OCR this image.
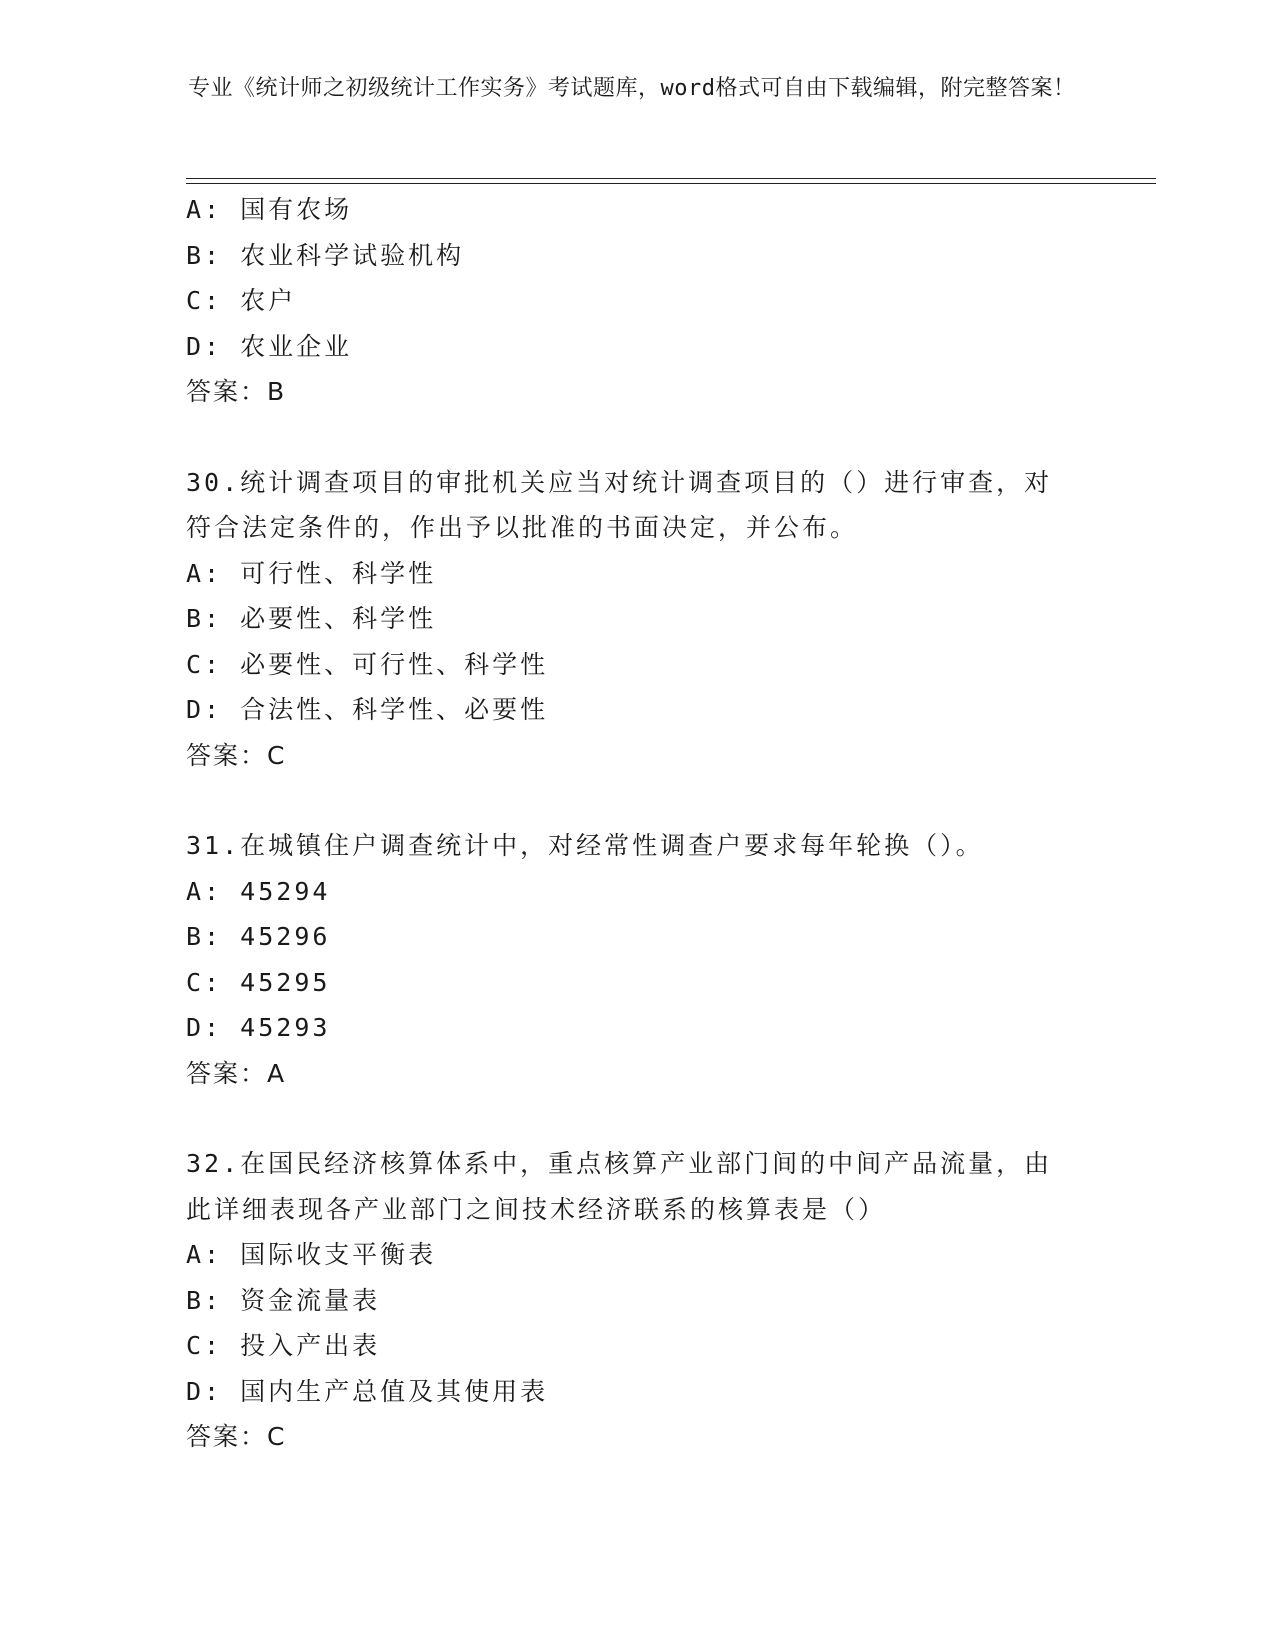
专业《统计师之初级统计工作实务》考试题库，word格式可自由下载编辑，附完整答案！
A: 国有农场
B: 农业科学试验机构
C: 农户
D: 农业企业
答案：B
30.统计调查项目的审批机关应当对统计调查项目的（）进行审查，对符合法定条件的，作出予以批准的书面决定，并公布。
A: 可行性、科学性
B: 必要性、科学性
C: 必要性、可行性、科学性
D: 合法性、科学性、必要性
答案：C
31.在城镇住户调查统计中，对经常性调查户要求每年轮换（）。
A: 45294
B: 45296
C: 45295
D: 45293
答案：A
32.在国民经济核算体系中，重点核算产业部门间的中间产品流量，由此详细表现各产业部门之间技术经济联系的核算表是（）
A: 国际收支平衡表
B: 资金流量表
C: 投入产出表
D: 国内生产总值及其使用表
答案：C
